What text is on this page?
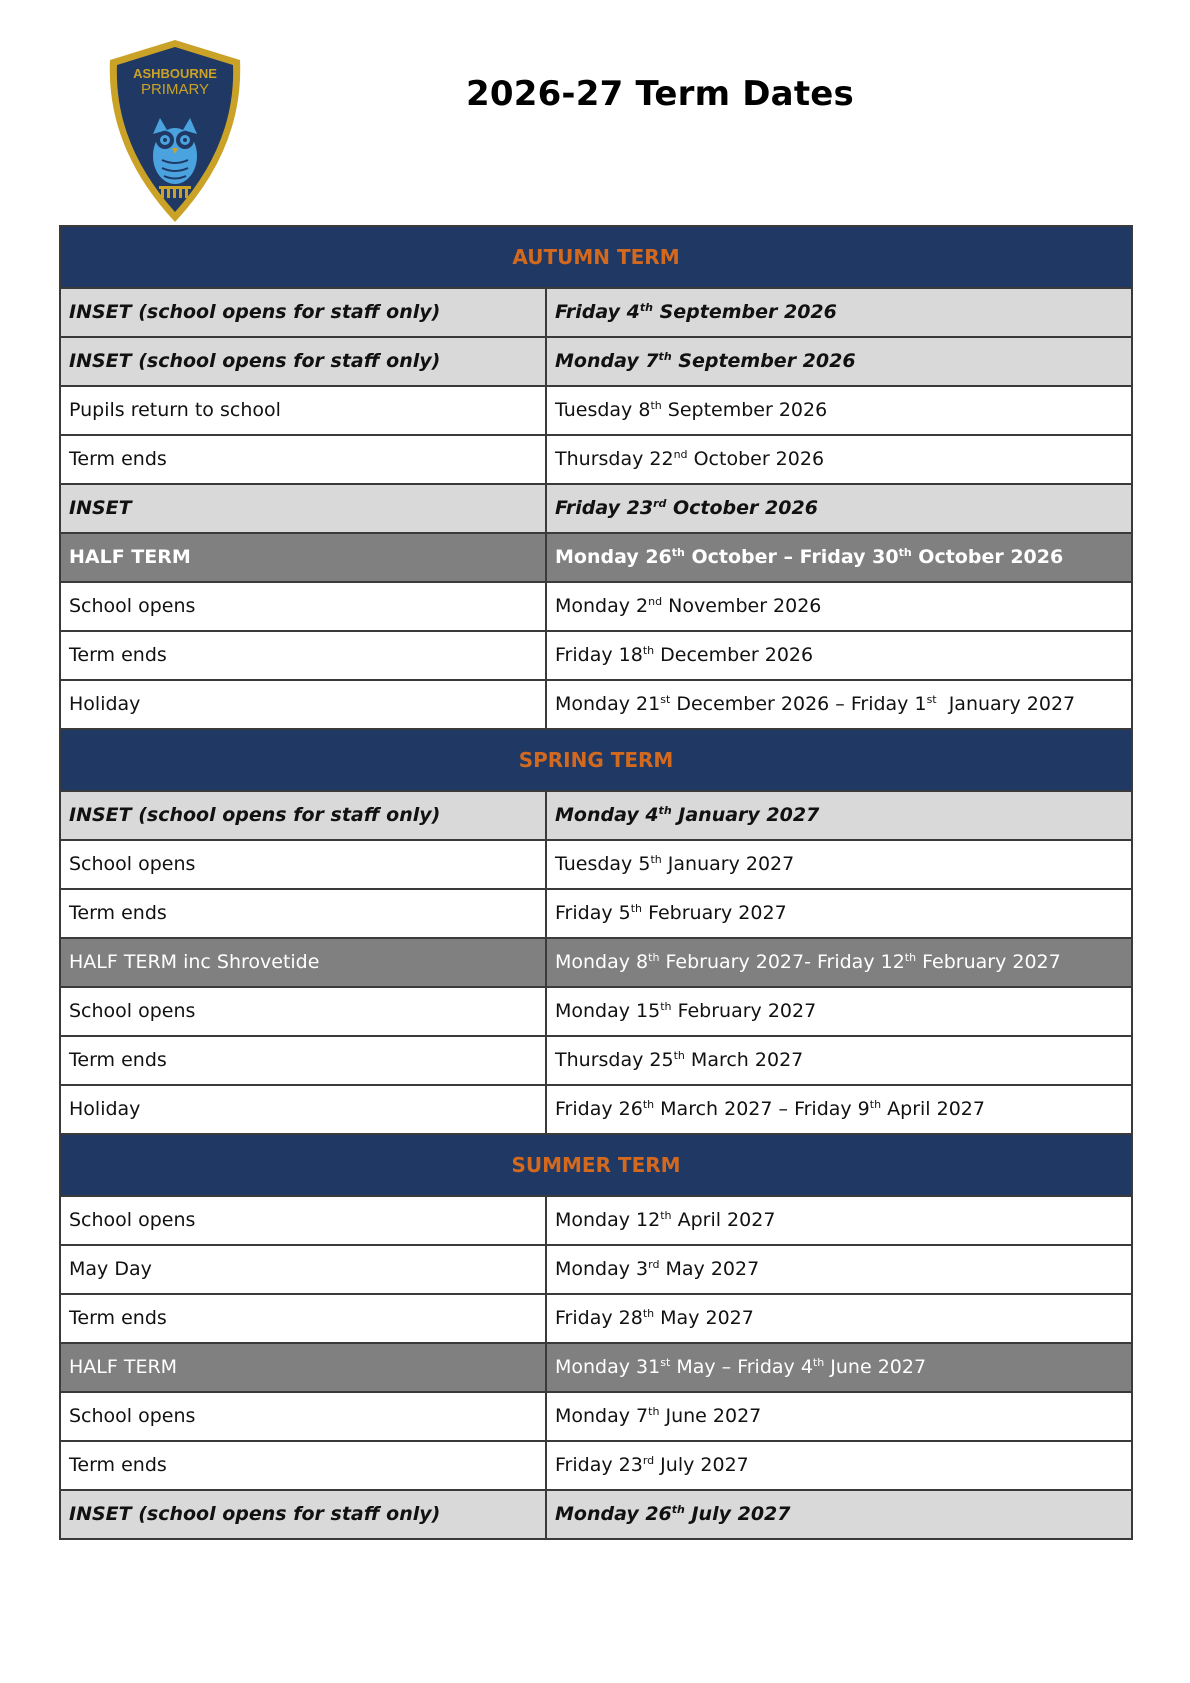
ASHBOURNE
PRIMARY	2026-27 Term Dates
AUTUMN TERM	
INSET (school opens for staff only)	Friday 4th September 2026
INSET (school opens for staff only)	Monday 7th September 2026
Pupils return to school	Tuesday 8th September 2026
Term ends	Thursday 22nd October 2026
INSET	Friday 23rd October 2026
HALF TERM	Monday 26th October – Friday 30th October 2026
School opens	Monday 2nd November 2026
Term ends	Friday 18th December 2026
Holiday	Monday 21st December 2026 – Friday 1st  January 2027
SPRING TERM	
INSET (school opens for staff only)	Monday 4th January 2027
School opens	Tuesday 5th January 2027
Term ends	Friday 5th February 2027
HALF TERM inc Shrovetide	Monday 8th February 2027- Friday 12th February 2027
School opens	Monday 15th February 2027
Term ends	Thursday 25th March 2027
Holiday	Friday 26th March 2027 – Friday 9th April 2027
SUMMER TERM	
School opens	Monday 12th April 2027
May Day	Monday 3rd May 2027
Term ends	Friday 28th May 2027
HALF TERM	Monday 31st May – Friday 4th June 2027
School opens	Monday 7th June 2027
Term ends	Friday 23rd July 2027
INSET (school opens for staff only)	Monday 26th July 2027
